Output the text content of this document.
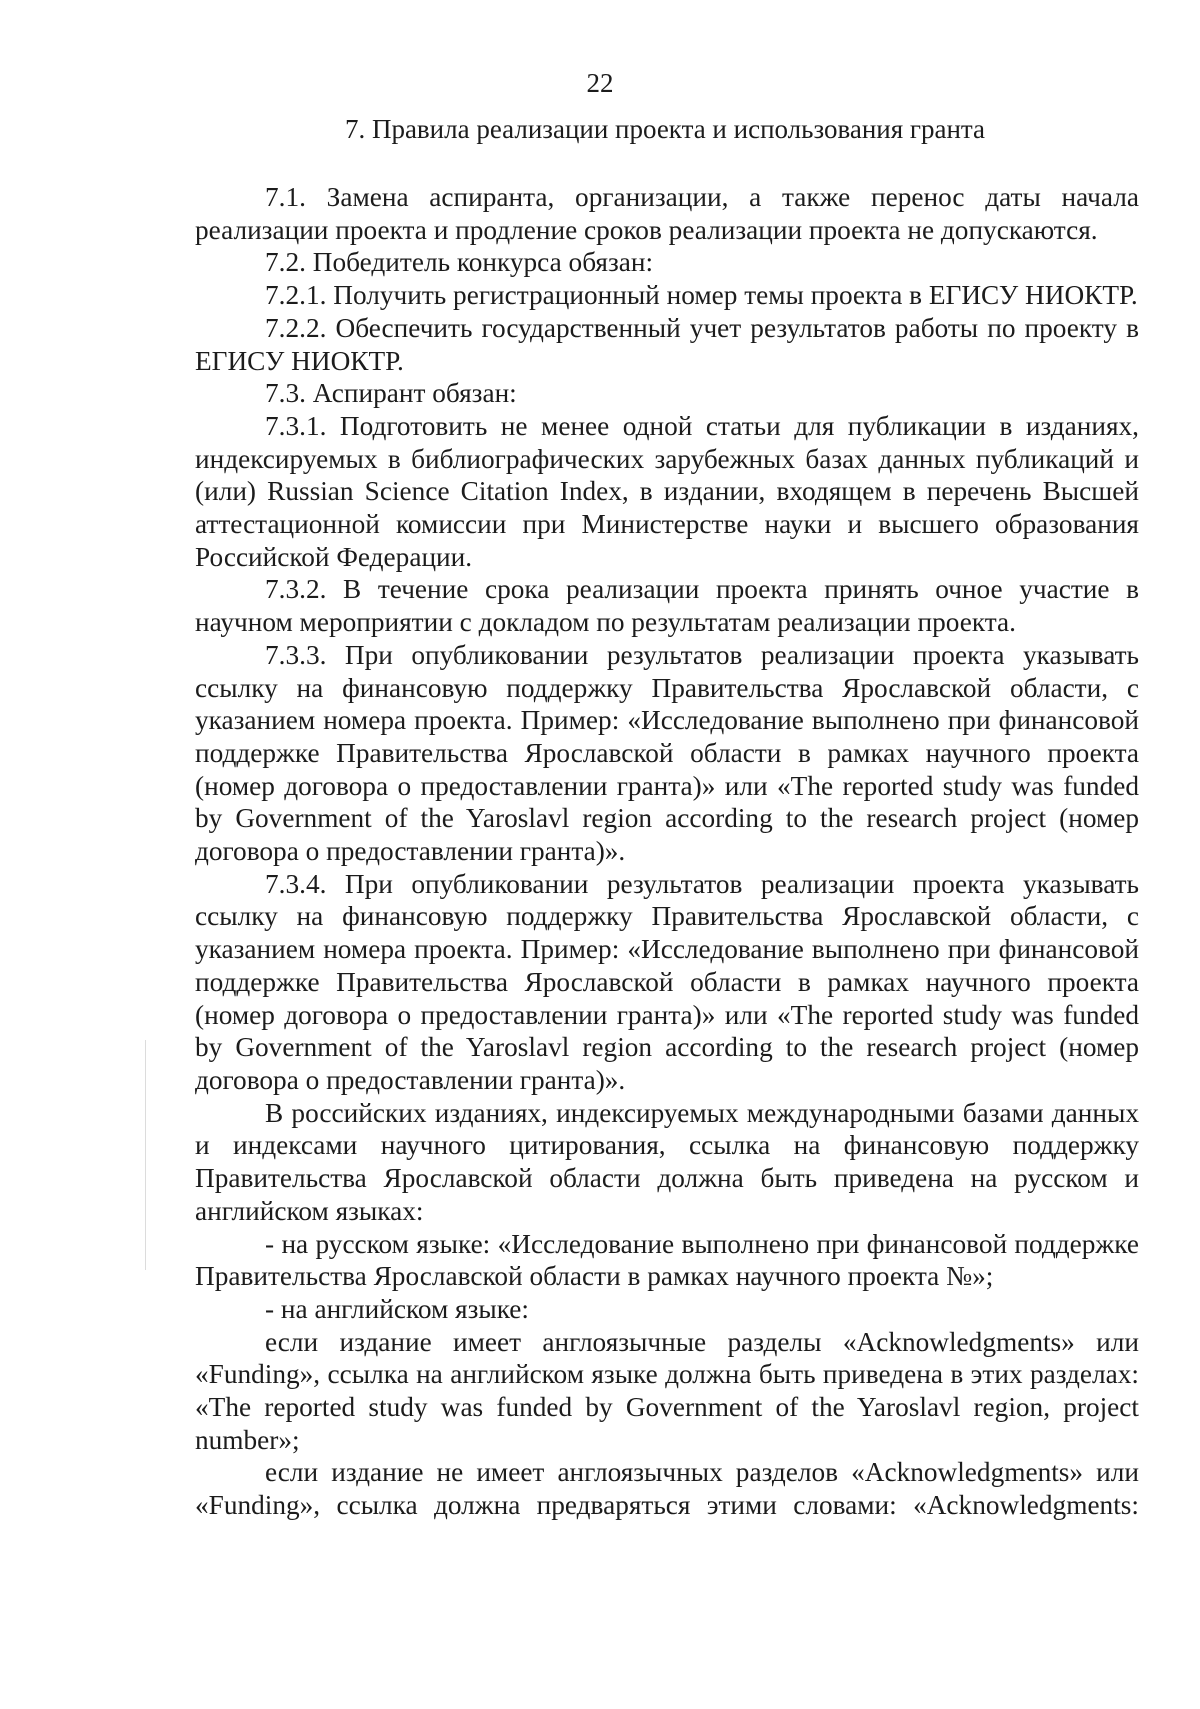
22
7. Правила реализации проекта и использования гранта

7.1. Замена аспиранта, организации, а также перенос даты начала реализации проекта и продление сроков реализации проекта не допускаются.

7.2. Победитель конкурса обязан:

7.2.1. Получить регистрационный номер темы проекта в ЕГИСУ НИОКТР.

7.2.2. Обеспечить государственный учет результатов работы по проекту в ЕГИСУ НИОКТР.

7.3. Аспирант обязан:

7.3.1. Подготовить не менее одной статьи для публикации в изданиях, индексируемых в библиографических зарубежных базах данных публикаций и (или) Russian Science Citation Index, в издании, входящем в перечень Высшей аттестационной комиссии при Министерстве науки и высшего образования Российской Федерации.

7.3.2. В течение срока реализации проекта принять очное участие в научном мероприятии с докладом по результатам реализации проекта.

7.3.3. При опубликовании результатов реализации проекта указывать ссылку на финансовую поддержку Правительства Ярославской области, с указанием номера проекта. Пример: «Исследование выполнено при финансовой поддержке Правительства Ярославской области в рамках научного проекта (номер договора о предоставлении гранта)» или «The reported study was funded by Government of the Yaroslavl region according to the research project (номер договора о предоставлении гранта)».

7.3.4. При опубликовании результатов реализации проекта указывать ссылку на финансовую поддержку Правительства Ярославской области, с указанием номера проекта. Пример: «Исследование выполнено при финансовой поддержке Правительства Ярославской области в рамках научного проекта (номер договора о предоставлении гранта)» или «The reported study was funded by Government of the Yaroslavl region according to the research project (номер договора о предоставлении гранта)».

В российских изданиях, индексируемых международными базами данных и индексами научного цитирования, ссылка на финансовую поддержку Правительства Ярославской области должна быть приведена на русском и английском языках:

- на русском языке: «Исследование выполнено при финансовой поддержке Правительства Ярославской области в рамках научного проекта №»;

- на английском языке:

если издание имеет англоязычные разделы «Acknowledgments» или «Funding», ссылка на английском языке должна быть приведена в этих разделах: «The reported study was funded by Government of the Yaroslavl region, project number»;

если издание не имеет англоязычных разделов «Acknowledgments» или «Funding», ссылка должна предваряться этими словами: «Acknowledgments:
